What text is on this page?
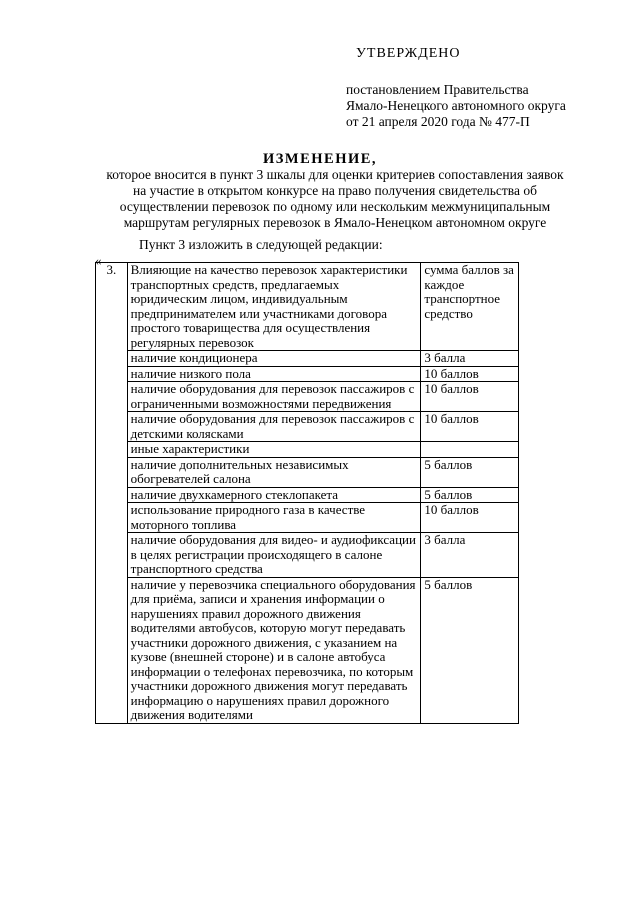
УТВЕРЖДЕНО
постановлением Правительства
Ямало-Ненецкого автономного округа
от 21 апреля 2020 года № 477-П
ИЗМЕНЕНИЕ,
которое вносится в пункт 3 шкалы для оценки критериев сопоставления заявок
на участие в открытом конкурсе на право получения свидетельства об
осуществлении перевозок по одному или нескольким межмуниципальным
маршрутам регулярных перевозок в Ямало-Ненецком автономном округе
Пункт 3 изложить в следующей редакции:
«
3.	Влияющие на качество перевозок характеристики транспортных средств, предлагаемых юридическим лицом, индивидуальным предпринимателем или участниками договора простого товарищества для осуществления регулярных перевозок	сумма баллов за каждое транспортное средство
	наличие кондиционера	3 балла
	наличие низкого пола	10 баллов
	наличие оборудования для перевозок пассажиров с ограниченными возможностями передвижения	10 баллов
	наличие оборудования для перевозок пассажиров с детскими колясками	10 баллов
	иные характеристики	
	наличие дополнительных независимых обогревателей салона	5 баллов
	наличие двухкамерного стеклопакета	5 баллов
	использование природного газа в качестве моторного топлива	10 баллов
	наличие оборудования для видео- и аудиофиксации в целях регистрации происходящего в салоне транспортного средства	3 балла
	наличие у перевозчика специального оборудования для приёма, записи и хранения информации о нарушениях правил дорожного движения водителями автобусов, которую могут передавать участники дорожного движения, с указанием на кузове (внешней стороне) и в салоне автобуса информации о телефонах перевозчика, по которым участники дорожного движения могут передавать информацию о нарушениях правил дорожного движения водителями	5 баллов
